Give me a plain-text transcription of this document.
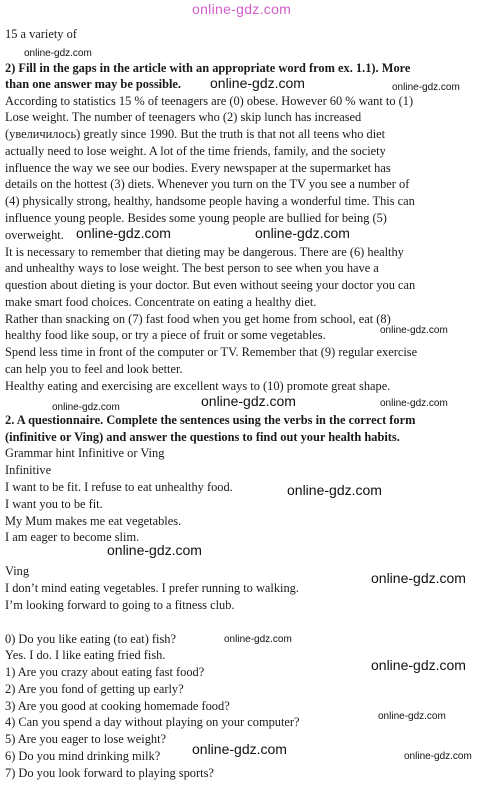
online-gdz.com
15 a variety of
2) Fill in the gaps in the article with an appropriate word from ex. 1.1). More
than one answer may be possible.
According to statistics 15 % of teenagers are (0) obese. However 60 % want to (1)
Lose weight. The number of teenagers who (2) skip lunch has increased
(увеличилось) greatly since 1990. But the truth is that not all teens who diet
actually need to lose weight. A lot of the time friends, family, and the society
influence the way we see our bodies. Every newspaper at the supermarket has
details on the hottest (3) diets. Whenever you turn on the TV you see a number of
(4) physically strong, healthy, handsome people having a wonderful time. This can
influence young people. Besides some young people are bullied for being (5)
overweight.
It is necessary to remember that dieting may be dangerous. There are (6) healthy
and unhealthy ways to lose weight. The best person to see when you have a
question about dieting is your doctor. But even without seeing your doctor you can
make smart food choices. Concentrate on eating a healthy diet.
Rather than snacking on (7) fast food when you get home from school, eat (8)
healthy food like soup, or try a piece of fruit or some vegetables.
Spend less time in front of the computer or TV. Remember that (9) regular exercise
can help you to feel and look better.
Healthy eating and exercising are excellent ways to (10) promote great shape.
2. A questionnaire. Complete the sentences using the verbs in the correct form
(infinitive or Ving) and answer the questions to find out your health habits.
Grammar hint Infinitive or Ving
Infinitive
I want to be fit. I refuse to eat unhealthy food.
I want you to be fit.
My Mum makes me eat vegetables.
I am eager to become slim.
Ving
I don’t mind eating vegetables. I prefer running to walking.
I’m looking forward to going to a fitness club.
0) Do you like eating (to eat) fish?
Yes. I do. I like eating fried fish.
1) Are you crazy about eating fast food?
2) Are you fond of getting up early?
3) Are you good at cooking homemade food?
4) Can you spend a day without playing on your computer?
5) Are you eager to lose weight?
6) Do you mind drinking milk?
7) Do you look forward to playing sports?
online-gdz.com
online-gdz.com	online-gdz.com
online-gdz.com	online-gdz.com
online-gdz.com
online-gdz.com	online-gdz.com	online-gdz.com
online-gdz.com
online-gdz.com
online-gdz.com
online-gdz.com
online-gdz.com
online-gdz.com
online-gdz.com	online-gdz.com
